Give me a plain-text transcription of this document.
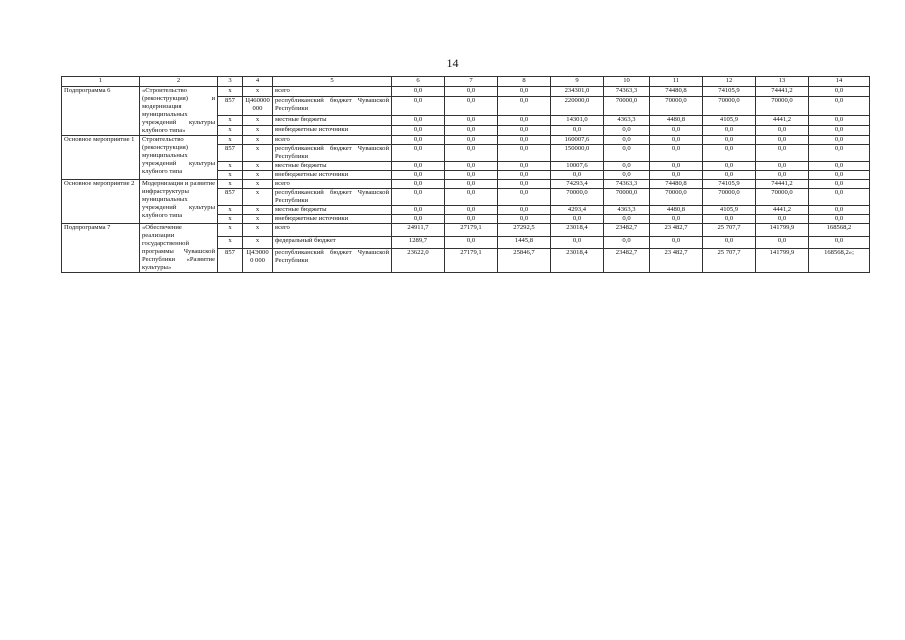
14
1	2	3	4	5	6	7	8	9	10	11	12	13	14
Подпрограмма 6	«Строительство (реконструкция) и модернизация муниципальных учреждений культуры клубного типа»	х	х	всего	0,0	0,0	0,0	234301,0	74363,3	74480,8	74105,9	74441,2	0,0
		857	Ц460000 000	республиканский бюджет Чувашской Республики	0,0	0,0	0,0	220000,0	70000,0	70000,0	70000,0	70000,0	0,0
		х	х	местные бюджеты	0,0	0,0	0,0	14301,0	4363,3	4480,8	4105,9	4441,2	0,0
		х	х	внебюджетные источники	0,0	0,0	0,0	0,0	0,0	0,0	0,0	0,0	0,0
Основное мероприятие 1	Строительство (реконструкция) муниципальных учреждений культуры клубного типа	х	х	всего	0,0	0,0	0,0	160007,6	0,0	0,0	0,0	0,0	0,0
		857	х	республиканский бюджет Чувашской Республики	0,0	0,0	0,0	150000,0	0,0	0,0	0,0	0,0	0,0
		х	х	местные бюджеты	0,0	0,0	0,0	10007,6	0,0	0,0	0,0	0,0	0,0
		х	х	внебюджетные источники	0,0	0,0	0,0	0,0	0,0	0,0	0,0	0,0	0,0
Основное мероприятие 2	Модернизация и развитие инфраструктуры муниципальных учреждений культуры клубного типа	х	х	всего	0,0	0,0	0,0	74293,4	74363,3	74480,8	74105,9	74441,2	0,0
		857	х	республиканский бюджет Чувашской Республики	0,0	0,0	0,0	70000,0	70000,0	70000,0	70000,0	70000,0	0,0
		х	х	местные бюджеты	0,0	0,0	0,0	4293,4	4363,3	4480,8	4105,9	4441,2	0,0
		х	х	внебюджетные источники	0,0	0,0	0,0	0,0	0,0	0,0	0,0	0,0	0,0
Подпрограмма 7	«Обеспечение реализации государственной программы Чувашской Республики «Развитие культуры»	х	х	всего	24911,7	27179,1	27292,5	23018,4	23482,7	23 482,7	25 707,7	141799,9	168568,2
		х	х	федеральный бюджет	1289,7	0,0	1445,8	0,0	0,0	0,0	0,0	0,0	0,0
		857	Ц4Э0000 000	республиканский бюджет Чувашской Республики	23622,0	27179,1	25846,7	23018,4	23482,7	23 482,7	25 707,7	141799,9	168568,2»;
